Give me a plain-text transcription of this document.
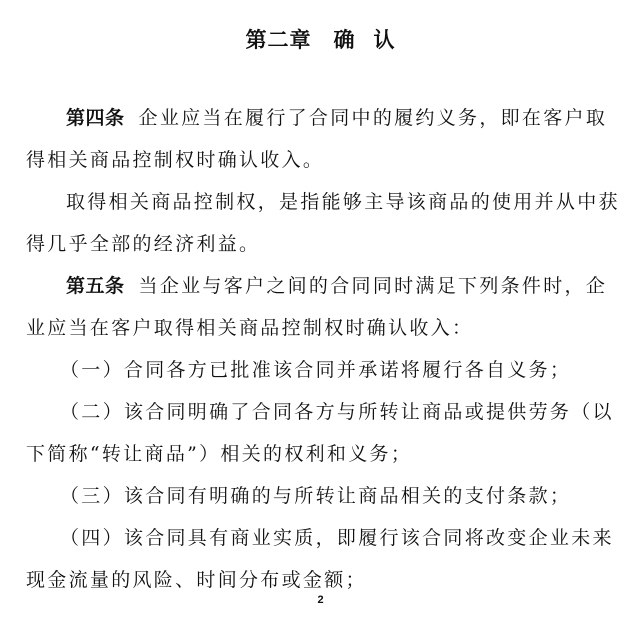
第二章 确 认
第四条 企业应当在履行了合同中的履约义务，即在客户取
得相关商品控制权时确认收入。
取得相关商品控制权，是指能够主导该商品的使用并从中获
得几乎全部的经济利益。
第五条 当企业与客户之间的合同同时满足下列条件时，企
业应当在客户取得相关商品控制权时确认收入：
（一）合同各方已批准该合同并承诺将履行各自义务；
（二）该合同明确了合同各方与所转让商品或提供劳务（以
下简称“转让商品”）相关的权利和义务；
（三）该合同有明确的与所转让商品相关的支付条款；
（四）该合同具有商业实质，即履行该合同将改变企业未来
现金流量的风险、时间分布或金额；
2
